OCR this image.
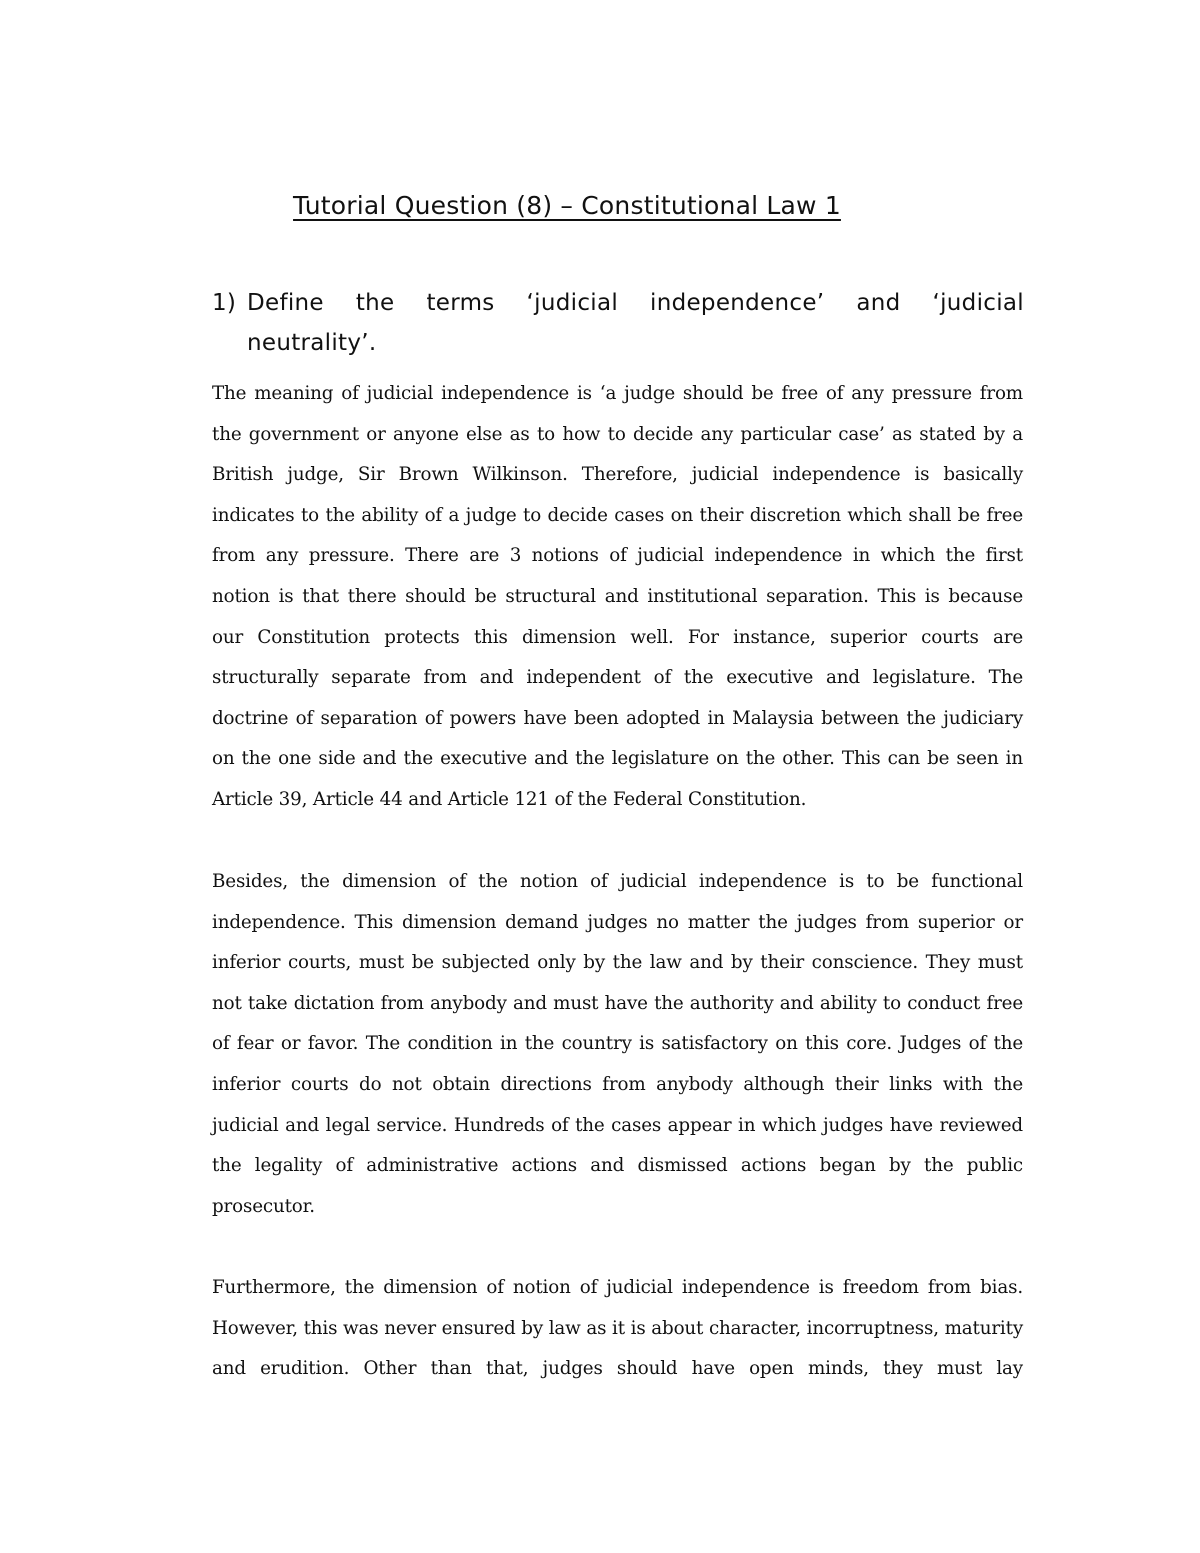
Tutorial Question (8) – Constitutional Law 1
1) Define the terms ‘judicial independence’ and ‘judicial neutrality’.

The meaning of judicial independence is ‘a judge should be free of any pressure from the government or anyone else as to how to decide any particular case’ as stated by a British judge, Sir Brown Wilkinson. Therefore, judicial independence is basically indicates to the ability of a judge to decide cases on their discretion which shall be free from any pressure. There are 3 notions of judicial independence in which the first notion is that there should be structural and institutional separation. This is because our Constitution protects this dimension well. For instance, superior courts are structurally separate from and independent of the executive and legislature. The doctrine of separation of powers have been adopted in Malaysia between the judiciary on the one side and the executive and the legislature on the other. This can be seen in Article 39, Article 44 and Article 121 of the Federal Constitution.

Besides, the dimension of the notion of judicial independence is to be functional independence. This dimension demand judges no matter the judges from superior or inferior courts, must be subjected only by the law and by their conscience. They must not take dictation from anybody and must have the authority and ability to conduct free of fear or favor. The condition in the country is satisfactory on this core. Judges of the inferior courts do not obtain directions from anybody although their links with the judicial and legal service. Hundreds of the cases appear in which judges have reviewed the legality of administrative actions and dismissed actions began by the public prosecutor.

Furthermore, the dimension of notion of judicial independence is freedom from bias. However, this was never ensured by law as it is about character, incorruptness, maturity and erudition. Other than that, judges should have open minds, they must lay
